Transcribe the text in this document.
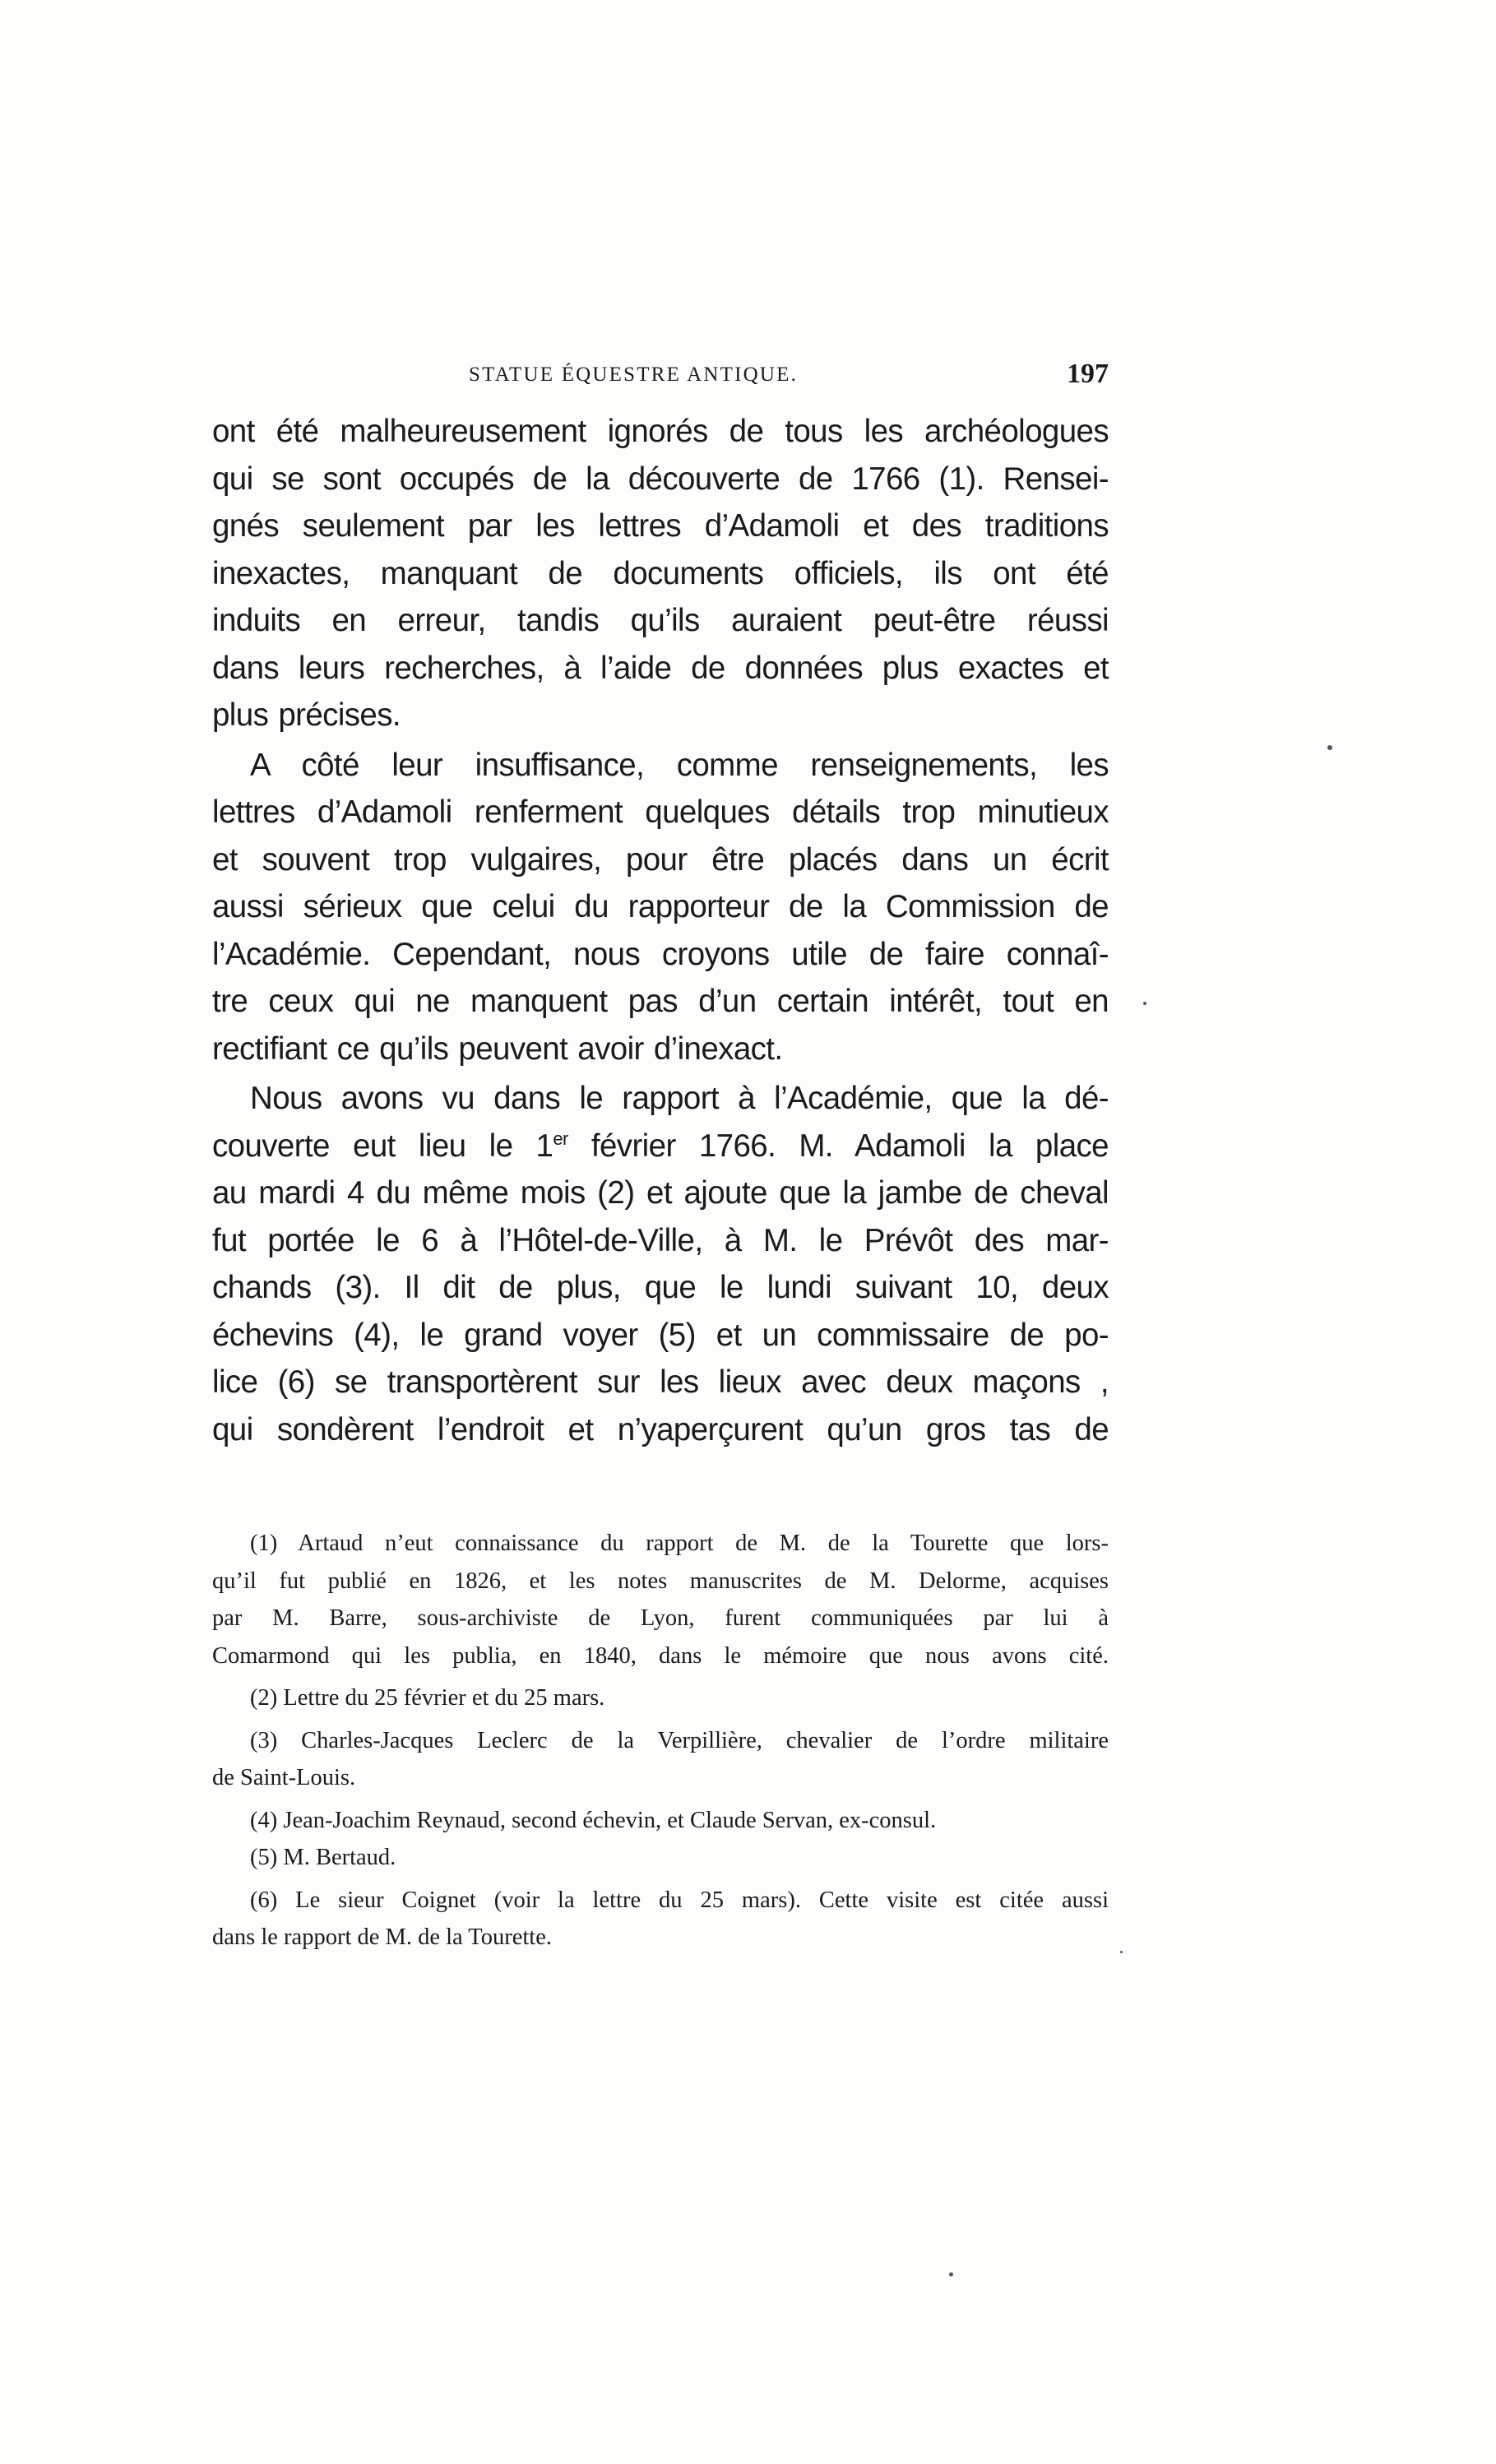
STATUE ÉQUESTRE ANTIQUE.	197
ont été malheureusement ignorés de tous les archéologues
qui se sont occupés de la découverte de 1766 (1). Rensei-
gnés seulement par les lettres d’Adamoli et des traditions
inexactes, manquant de documents officiels, ils ont été
induits en erreur, tandis qu’ils auraient peut-être réussi
dans leurs recherches, à l’aide de données plus exactes et
plus précises.
A côté leur insuffisance, comme renseignements, les
lettres d’Adamoli renferment quelques détails trop minutieux
et souvent trop vulgaires, pour être placés dans un écrit
aussi sérieux que celui du rapporteur de la Commission de
l’Académie. Cependant, nous croyons utile de faire connaî-
tre ceux qui ne manquent pas d’un certain intérêt, tout en
rectifiant ce qu’ils peuvent avoir d’inexact.
Nous avons vu dans le rapport à l’Académie, que la dé-
couverte eut lieu le 1er février 1766. M. Adamoli la place
au mardi 4 du même mois (2) et ajoute que la jambe de cheval
fut portée le 6 à l’Hôtel-de-Ville, à M. le Prévôt des mar-
chands (3). Il dit de plus, que le lundi suivant 10, deux
échevins (4), le grand voyer (5) et un commissaire de po-
lice (6) se transportèrent sur les lieux avec deux maçons ,
qui sondèrent l’endroit et n’yaperçurent qu’un gros tas de
(1) Artaud n’eut connaissance du rapport de M. de la Tourette que lors-
qu’il fut publié en 1826, et les notes manuscrites de M. Delorme, acquises
par M. Barre, sous-archiviste de Lyon, furent communiquées par lui à
Comarmond qui les publia, en 1840, dans le mémoire que nous avons cité.
(2) Lettre du 25 février et du 25 mars.
(3) Charles-Jacques Leclerc de la Verpillière, chevalier de l’ordre militaire
de Saint-Louis.
(4) Jean-Joachim Reynaud, second échevin, et Claude Servan, ex-consul.
(5) M. Bertaud.
(6) Le sieur Coignet (voir la lettre du 25 mars). Cette visite est citée aussi
dans le rapport de M. de la Tourette.
